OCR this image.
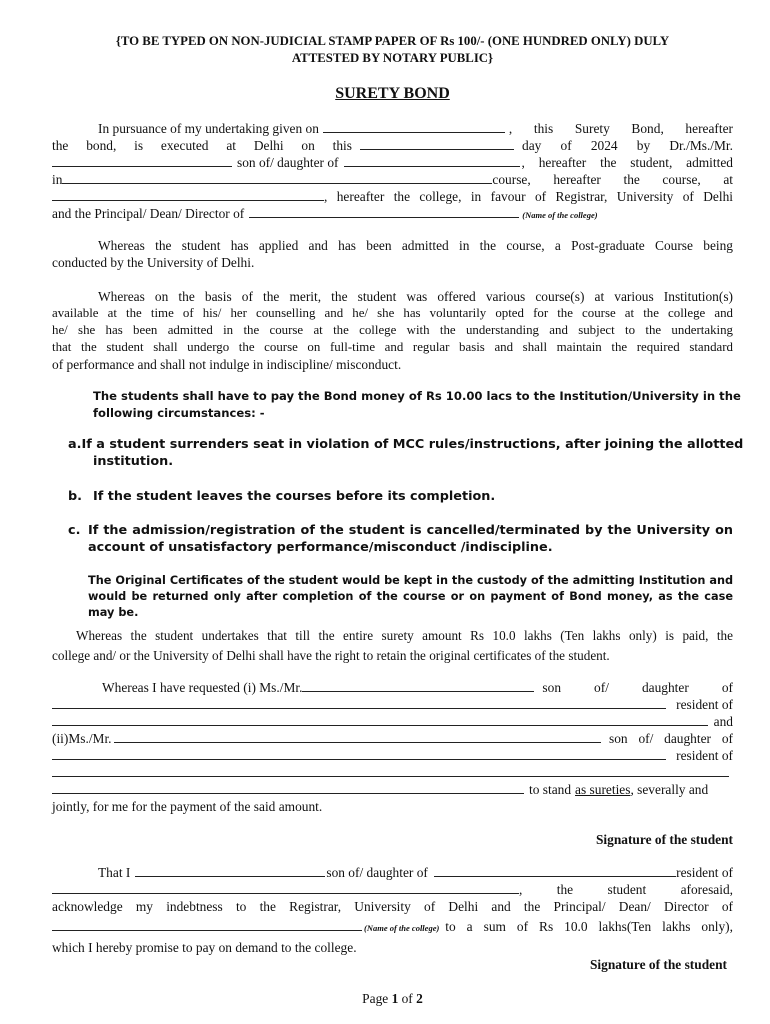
{TO BE TYPED ON NON-JUDICIAL STAMP PAPER OF Rs 100/- (ONE HUNDRED ONLY) DULY
ATTESTED BY NOTARY PUBLIC}
SURETY BOND
In pursuance of my undertaking given on	, this Surety Bond, hereafter
the bond, is executed at Delhi on this	day of 2024 by Dr./Ms./Mr.
son of/ daughter of	, hereafter the student, admitted
in	course, hereafter the course, at
, hereafter the college, in favour of Registrar, University of Delhi
and the Principal/ Dean/ Director of	(Name of the college)
Whereas the student has applied and has been admitted in the course, a Post-graduate Course being
conducted by the University of Delhi.
Whereas on the basis of the merit, the student was offered various course(s) at various Institution(s)
available at the time of his/ her counselling and he/ she has voluntarily opted for the course at the college and
he/ she has been admitted in the course at the college with the understanding and subject to the undertaking
that the student shall undergo the course on full-time and regular basis and shall maintain the required standard
of performance and shall not indulge in indiscipline/ misconduct.
The students shall have to pay the Bond money of Rs 10.00 lacs to the Institution/University in the
following circumstances: -
a. If a student surrenders seat in violation of MCC rules/instructions, after joining the allotted
institution.
b. If the student leaves the courses before its completion.
c. If the admission/registration of the student is cancelled/terminated by the University on
account of unsatisfactory performance/misconduct /indiscipline.
The Original Certificates of the student would be kept in the custody of the admitting Institution and
would be returned only after completion of the course or on payment of Bond money, as the case
may be.
Whereas the student undertakes that till the entire surety amount Rs 10.0 lakhs (Ten lakhs only) is paid, the
college and/ or the University of Delhi shall have the right to retain the original certificates of the student.
Whereas I have requested (i) Ms./Mr.	son of/ daughter of
resident of
and
(ii)Ms./Mr.	son of/ daughter of
resident of
to stand as sureties , severally and
jointly, for me for the payment of the said amount.
Signature of the student
That I	son of/ daughter of	resident of
,	the	student	aforesaid,
acknowledge my indebtness to the Registrar, University of Delhi and the Principal/ Dean/ Director of
(Name of the college) to a sum of Rs 10.0 lakhs(Ten lakhs only),
which I hereby promise to pay on demand to the college.
Signature of the student
Page 1 of 2
